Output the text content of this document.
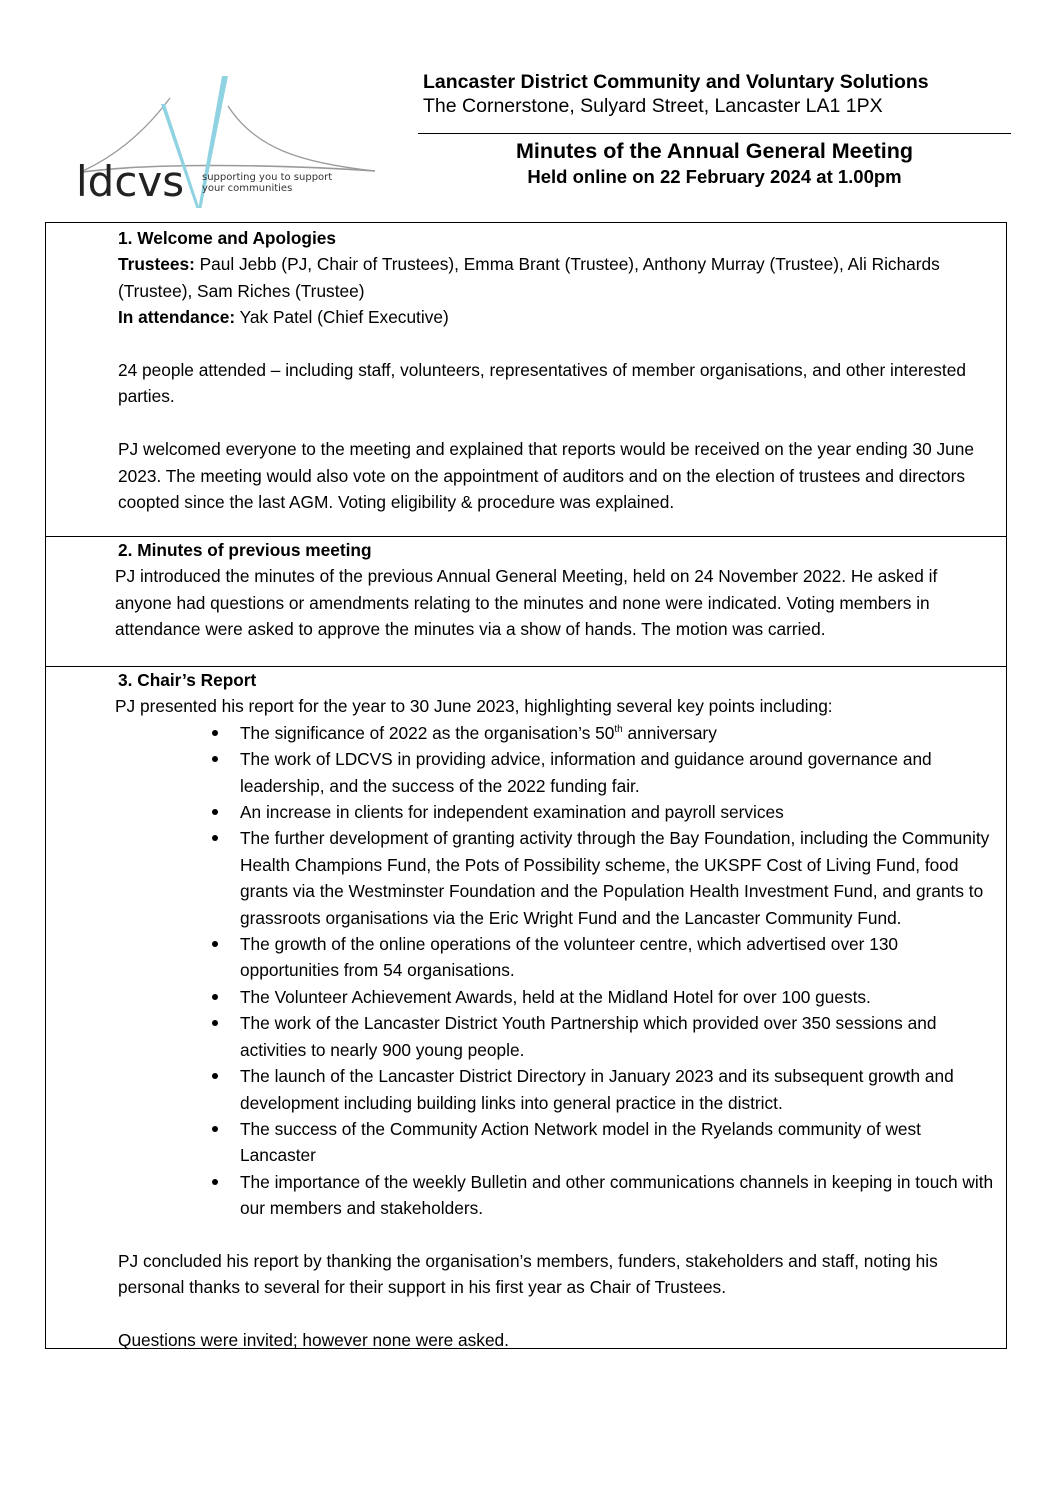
ldcvs supporting you to support
your communities
Lancaster District Community and Voluntary Solutions
The Cornerstone, Sulyard Street, Lancaster LA1 1PX
Minutes of the Annual General Meeting
Held online on 22 February 2024 at 1.00pm
1. Welcome and Apologies
Trustees: Paul Jebb (PJ, Chair of Trustees), Emma Brant (Trustee), Anthony Murray (Trustee), Ali Richards (Trustee), Sam Riches (Trustee)
In attendance: Yak Patel (Chief Executive)
24 people attended – including staff, volunteers, representatives of member organisations, and other interested parties.
PJ welcomed everyone to the meeting and explained that reports would be received on the year ending 30 June 2023. The meeting would also vote on the appointment of auditors and on the election of trustees and directors coopted since the last AGM. Voting eligibility & procedure was explained.
2. Minutes of previous meeting
PJ introduced the minutes of the previous Annual General Meeting, held on 24 November 2022. He asked if anyone had questions or amendments relating to the minutes and none were indicated. Voting members in attendance were asked to approve the minutes via a show of hands. The motion was carried.
3. Chair’s Report
PJ presented his report for the year to 30 June 2023, highlighting several key points including:
The significance of 2022 as the organisation’s 50th anniversary
The work of LDCVS in providing advice, information and guidance around governance and leadership, and the success of the 2022 funding fair.
An increase in clients for independent examination and payroll services
The further development of granting activity through the Bay Foundation, including the Community Health Champions Fund, the Pots of Possibility scheme, the UKSPF Cost of Living Fund, food grants via the Westminster Foundation and the Population Health Investment Fund, and grants to grassroots organisations via the Eric Wright Fund and the Lancaster Community Fund.
The growth of the online operations of the volunteer centre, which advertised over 130 opportunities from 54 organisations.
The Volunteer Achievement Awards, held at the Midland Hotel for over 100 guests.
The work of the Lancaster District Youth Partnership which provided over 350 sessions and activities to nearly 900 young people.
The launch of the Lancaster District Directory in January 2023 and its subsequent growth and development including building links into general practice in the district.
The success of the Community Action Network model in the Ryelands community of west Lancaster
The importance of the weekly Bulletin and other communications channels in keeping in touch with our members and stakeholders.
PJ concluded his report by thanking the organisation’s members, funders, stakeholders and staff, noting his personal thanks to several for their support in his first year as Chair of Trustees.
Questions were invited; however none were asked.
